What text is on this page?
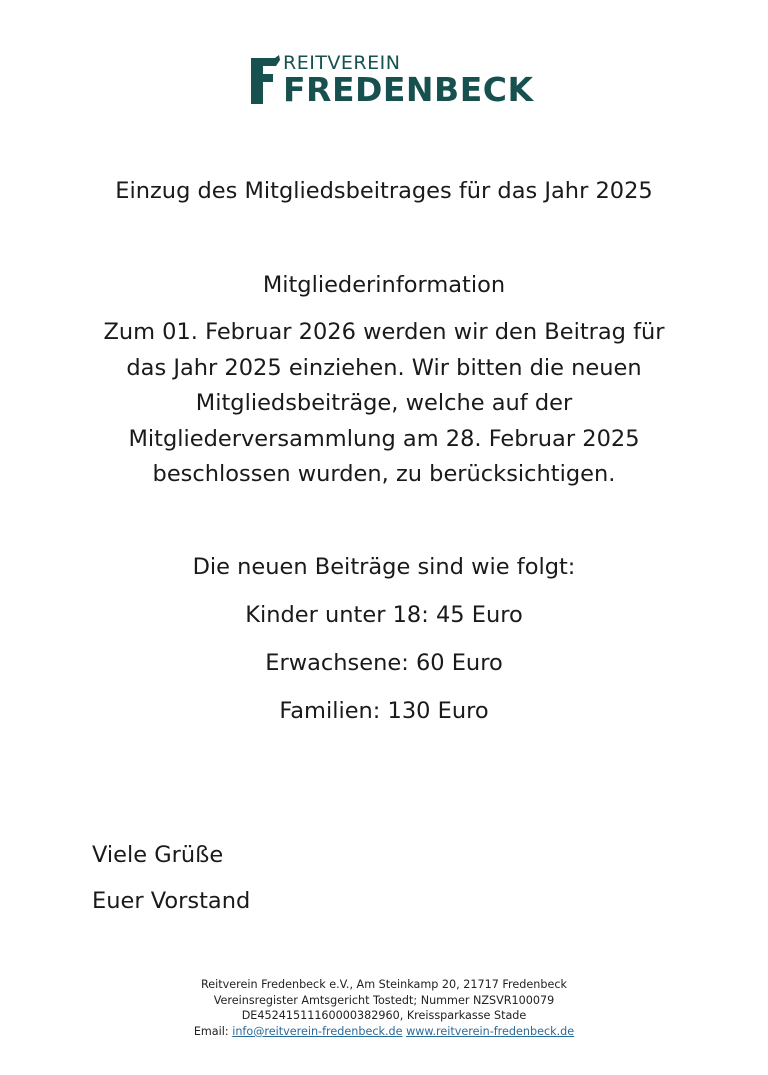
REITVEREIN
FREDENBECK
Einzug des Mitgliedsbeitrages für das Jahr 2025
Mitgliederinformation
Zum 01. Februar 2026 werden wir den Beitrag für
das Jahr 2025 einziehen. Wir bitten die neuen
Mitgliedsbeiträge, welche auf der
Mitgliederversammlung am 28. Februar 2025
beschlossen wurden, zu berücksichtigen.
Die neuen Beiträge sind wie folgt:
Kinder unter 18: 45 Euro
Erwachsene: 60 Euro
Familien: 130 Euro
Viele Grüße
Euer Vorstand
Reitverein Fredenbeck e.V., Am Steinkamp 20, 21717 Fredenbeck
Vereinsregister Amtsgericht Tostedt; Nummer NZSVR100079
DE45241511160000382960, Kreissparkasse Stade
Email: info@reitverein-fredenbeck.de www.reitverein-fredenbeck.de
